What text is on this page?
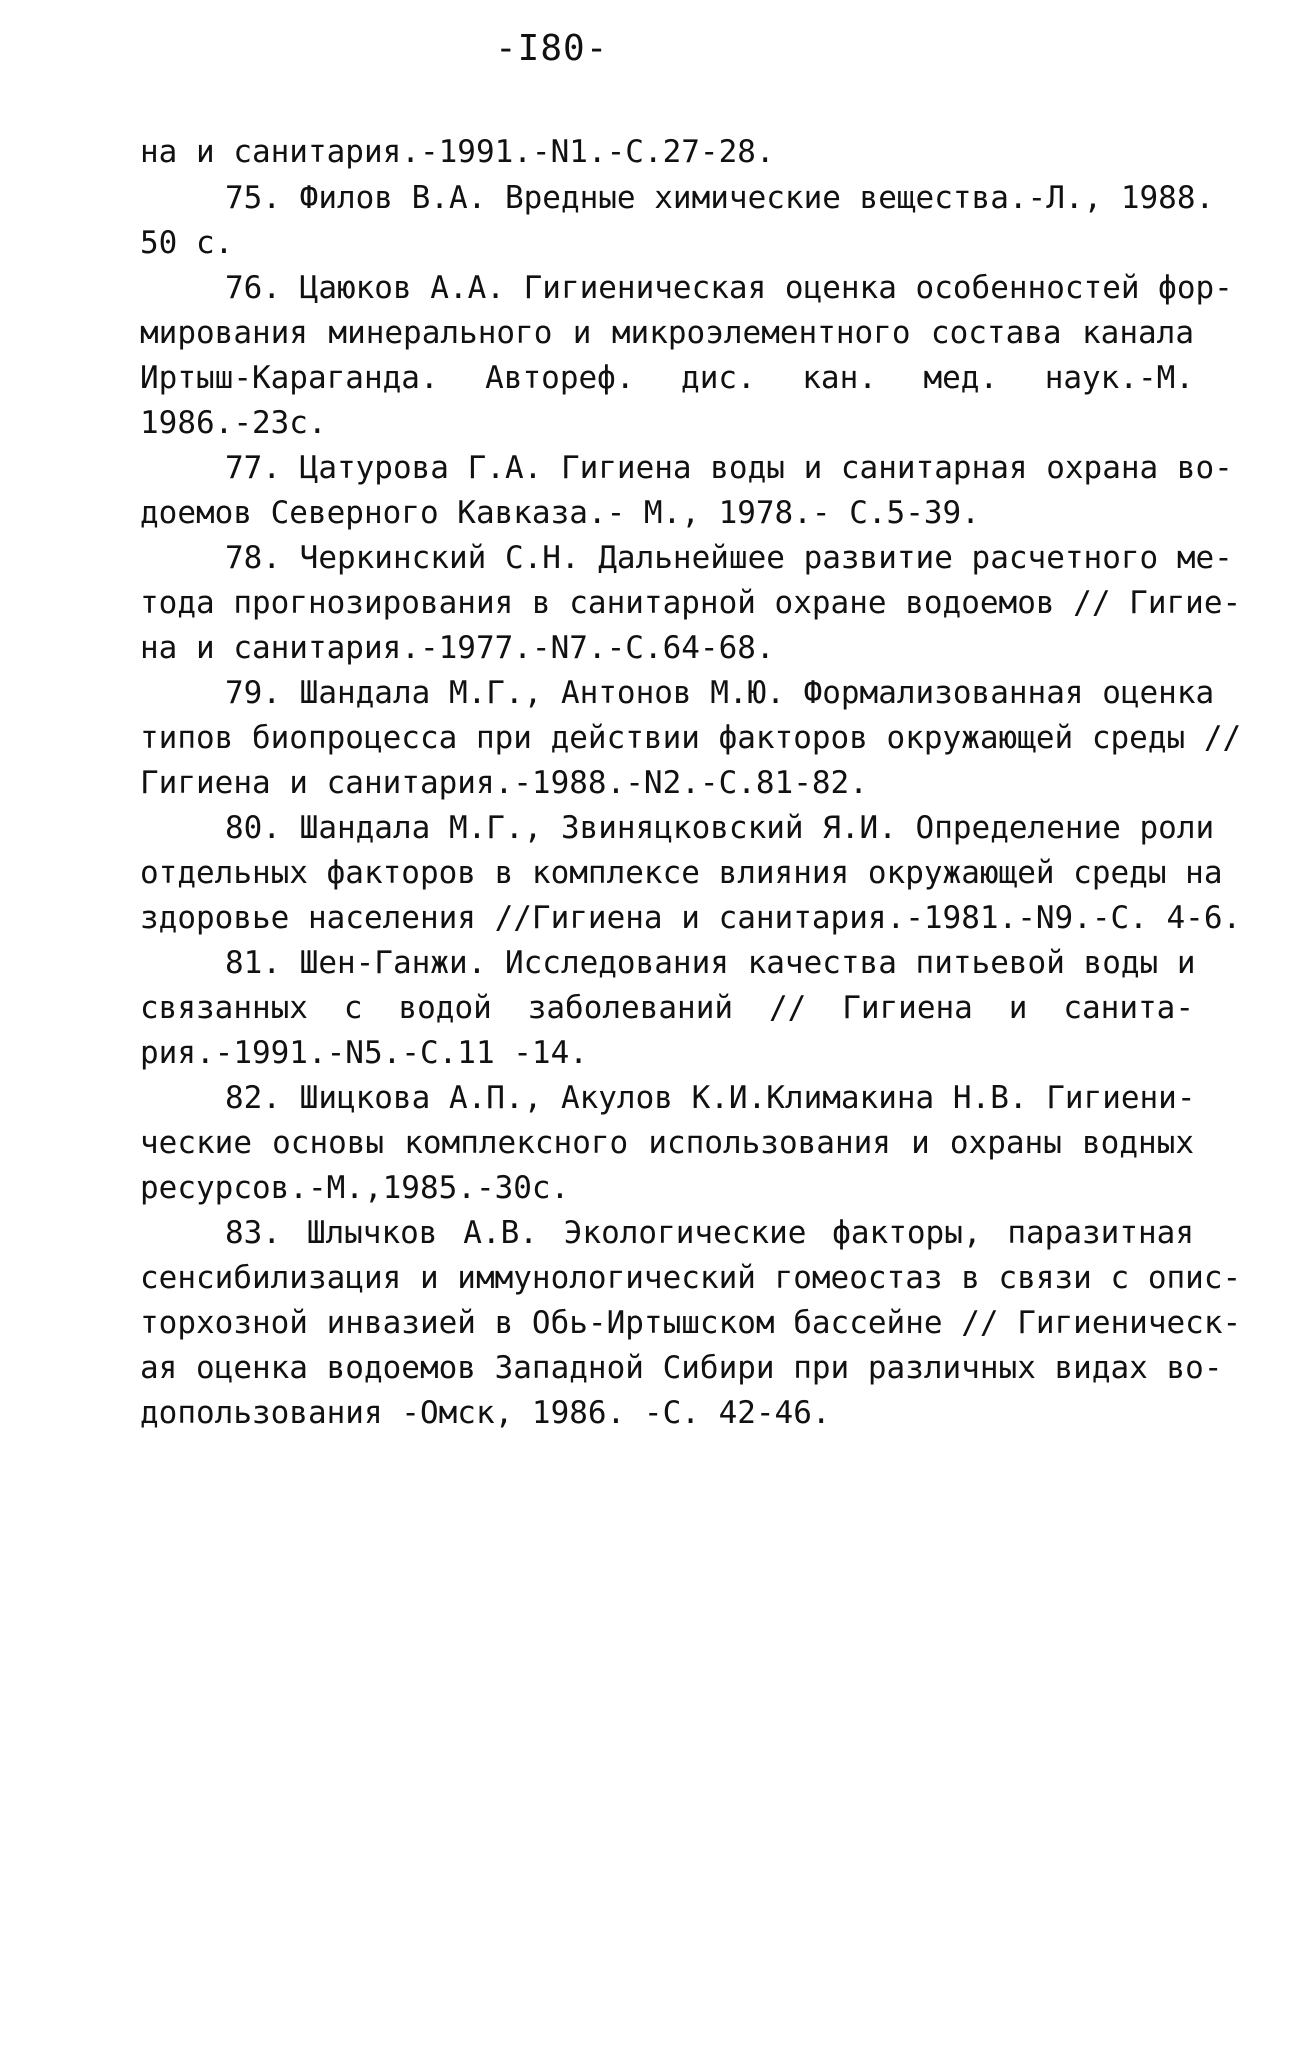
-I80-
на и санитария.-1991.-N1.-С.27-28.
75. Филов В.А. Вредные химические вещества.-Л., 1988.
50 с.
76. Цаюков А.А. Гигиеническая оценка особенностей фор-
мирования минерального и микроэлементного состава канала
Иртыш-Караганда. Автореф. дис. кан. мед. наук.-М.
1986.-23с.
77. Цатурова Г.А. Гигиена воды и санитарная охрана во-
доемов Северного Кавказа.- М., 1978.- С.5-39.
78. Черкинский С.Н. Дальнейшее развитие расчетного ме-
тода прогнозирования в санитарной охране водоемов // Гигие-
на и санитария.-1977.-N7.-С.64-68.
79. Шандала М.Г., Антонов М.Ю. Формализованная оценка
типов биопроцесса при действии факторов окружающей среды //
Гигиена и санитария.-1988.-N2.-С.81-82.
80. Шандала М.Г., Звиняцковский Я.И. Определение роли
отдельных факторов в комплексе влияния окружающей среды на
здоровье населения //Гигиена и санитария.-1981.-N9.-С. 4-6.
81. Шен-Ганжи. Исследования качества питьевой воды и
связанных с водой заболеваний // Гигиена и санита-
рия.-1991.-N5.-С.11 -14.
82. Шицкова А.П., Акулов К.И.Климакина Н.В. Гигиени-
ческие основы комплексного использования и охраны водных
ресурсов.-М.,1985.-30с.
83. Шлычков А.В. Экологические факторы, паразитная
сенсибилизация и иммунологический гомеостаз в связи с опис-
торхозной инвазией в Обь-Иртышском бассейне // Гигиеническ-
ая оценка водоемов Западной Сибири при различных видах во-
допользования -Омск, 1986. -С. 42-46.
